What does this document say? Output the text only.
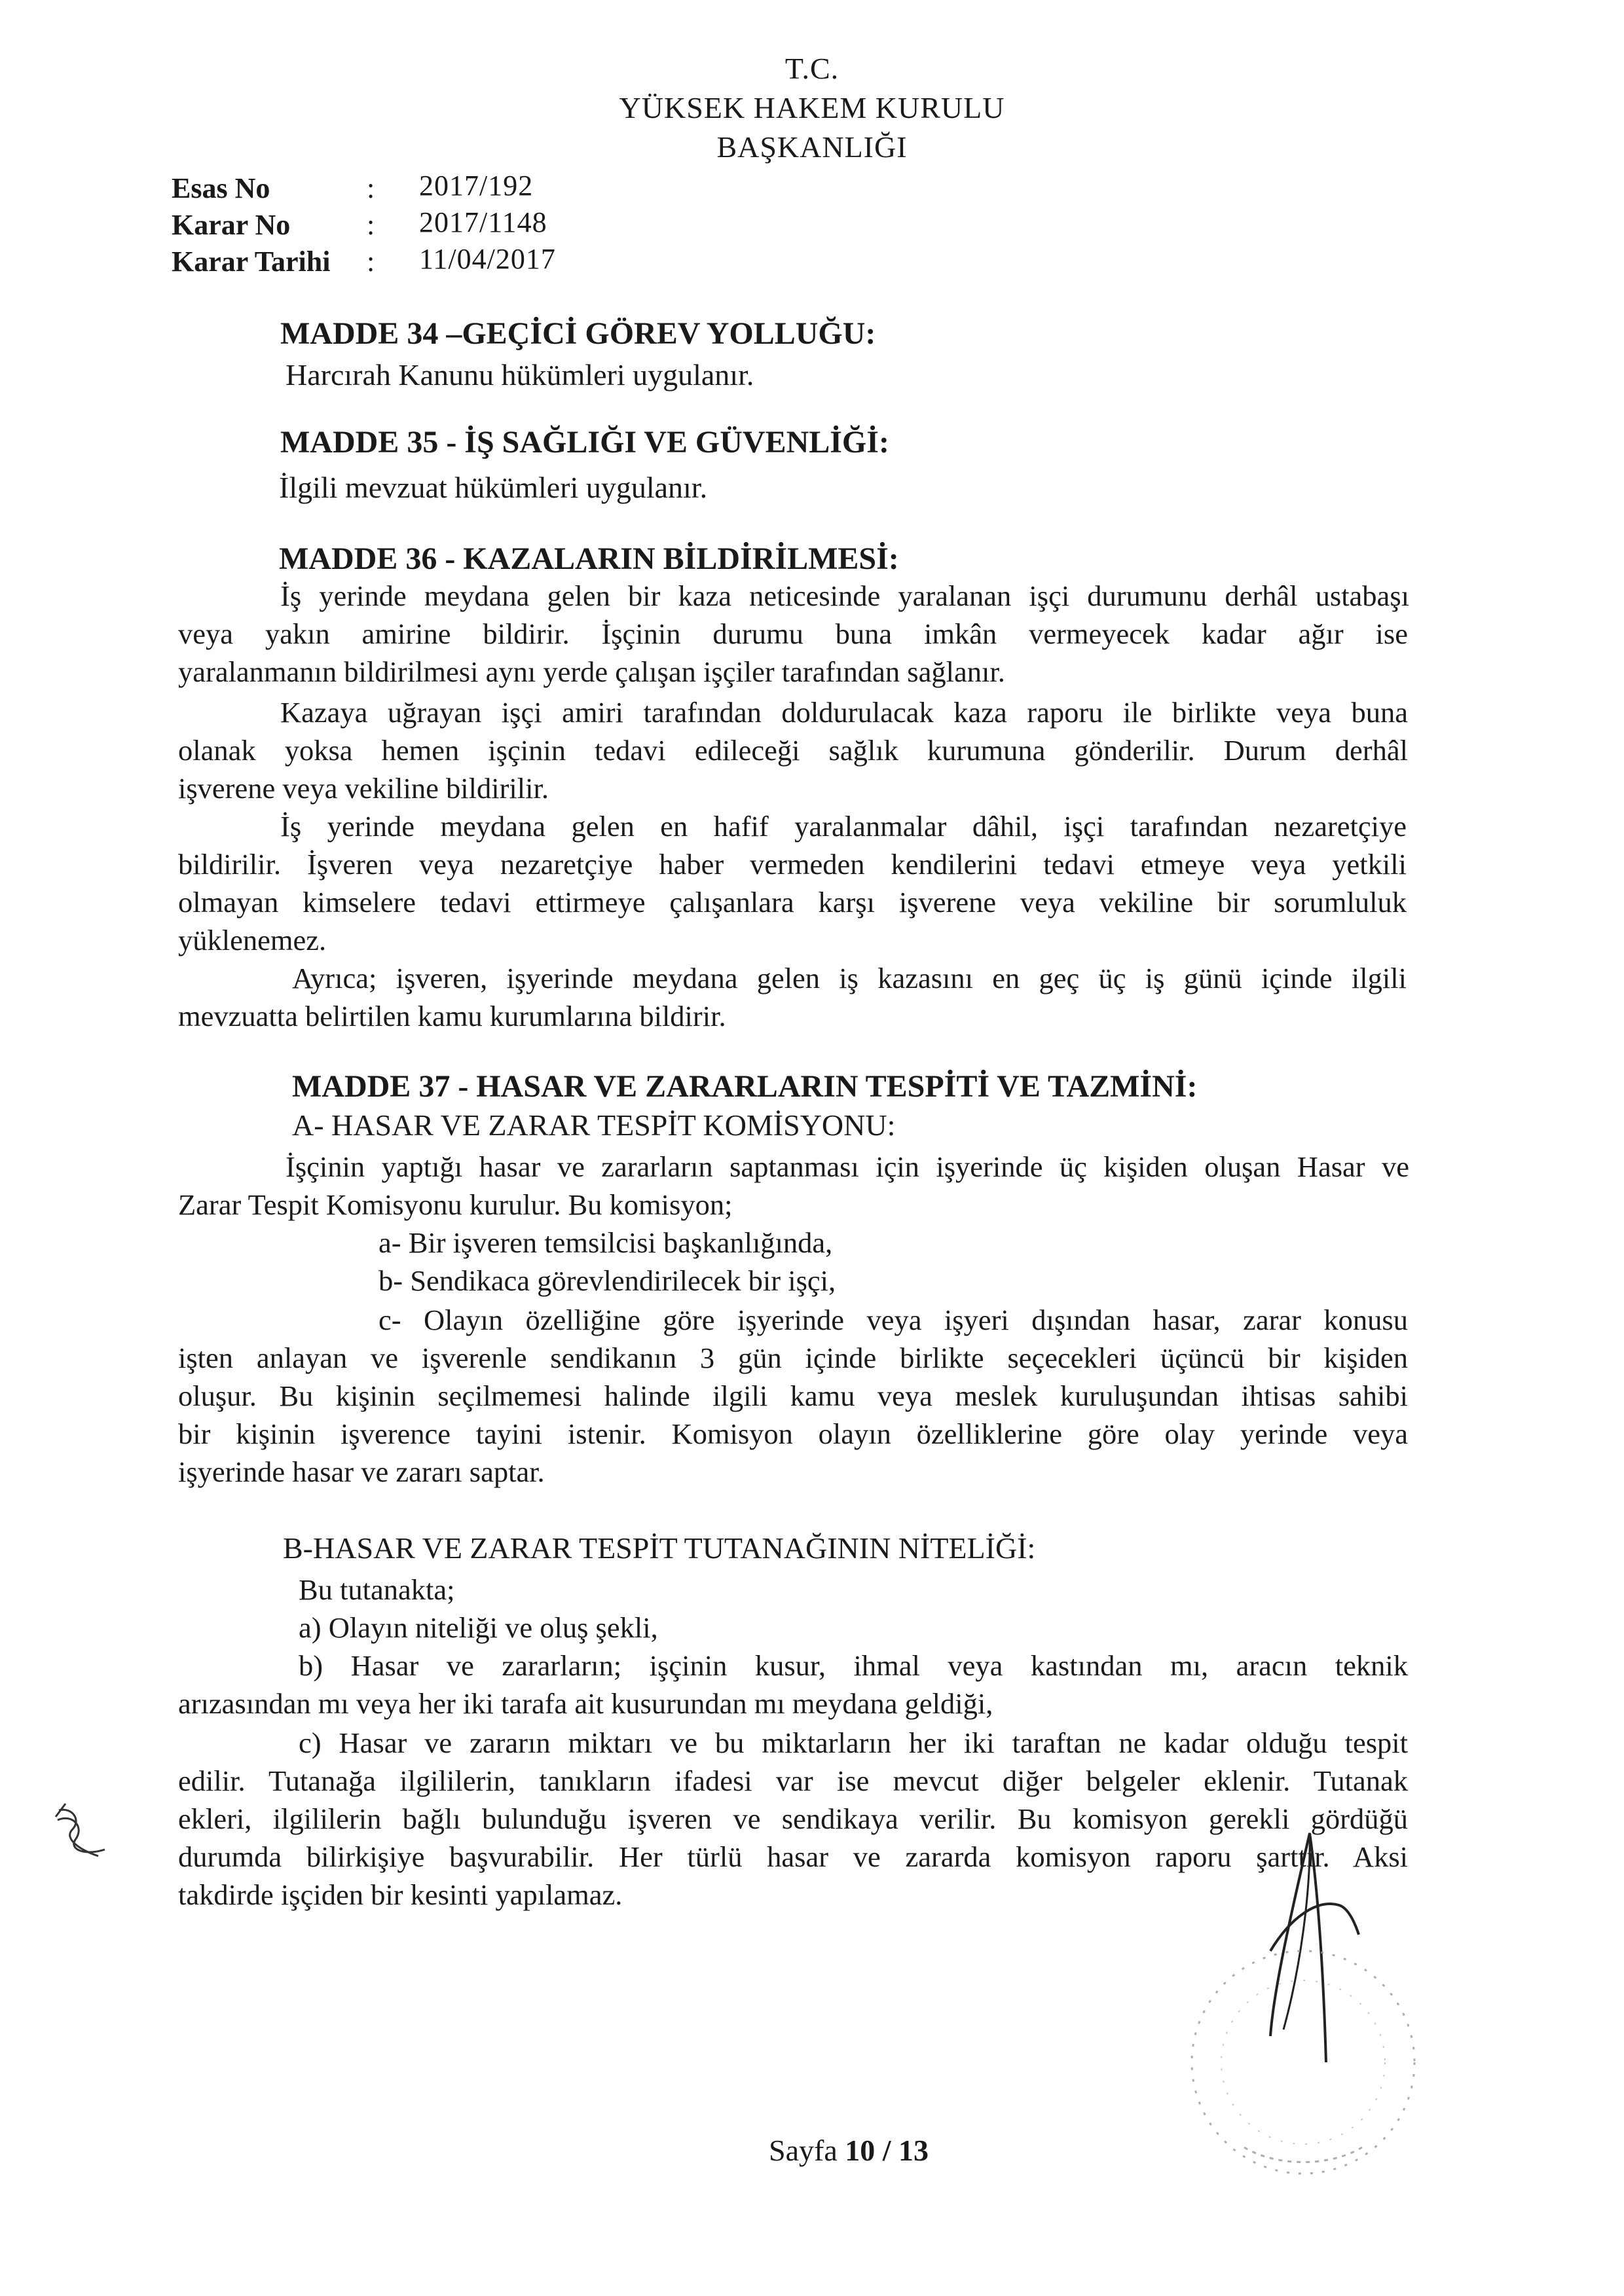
T.C.
YÜKSEK HAKEM KURULU
BAŞKANLIĞI
Esas No	: 2017/192
Karar No	: 2017/1148
Karar Tarihi : 11/04/2017
MADDE 34 –GEÇİCİ GÖREV YOLLUĞU:
Harcırah Kanunu hükümleri uygulanır.
MADDE 35 - İŞ SAĞLIĞI VE GÜVENLİĞİ:
İlgili mevzuat hükümleri uygulanır.
MADDE 36 - KAZALARIN BİLDİRİLMESİ:
İş yerinde meydana gelen bir kaza neticesinde yaralanan işçi durumunu derhâl ustabaşı
veya yakın amirine bildirir. İşçinin durumu buna imkân vermeyecek kadar ağır ise
yaralanmanın bildirilmesi aynı yerde çalışan işçiler tarafından sağlanır.
Kazaya uğrayan işçi amiri tarafından doldurulacak kaza raporu ile birlikte veya buna
olanak yoksa hemen işçinin tedavi edileceği sağlık kurumuna gönderilir. Durum derhâl
işverene veya vekiline bildirilir.
İş yerinde meydana gelen en hafif yaralanmalar dâhil, işçi tarafından nezaretçiye
bildirilir. İşveren veya nezaretçiye haber vermeden kendilerini tedavi etmeye veya yetkili
olmayan kimselere tedavi ettirmeye çalışanlara karşı işverene veya vekiline bir sorumluluk
yüklenemez.
Ayrıca; işveren, işyerinde meydana gelen iş kazasını en geç üç iş günü içinde ilgili
mevzuatta belirtilen kamu kurumlarına bildirir.
MADDE 37 - HASAR VE ZARARLARIN TESPİTİ VE TAZMİNİ:
A- HASAR VE ZARAR TESPİT KOMİSYONU:
İşçinin yaptığı hasar ve zararların saptanması için işyerinde üç kişiden oluşan Hasar ve
Zarar Tespit Komisyonu kurulur. Bu komisyon;
a- Bir işveren temsilcisi başkanlığında,
b- Sendikaca görevlendirilecek bir işçi,
c- Olayın özelliğine göre işyerinde veya işyeri dışından hasar, zarar konusu
işten anlayan ve işverenle sendikanın 3 gün içinde birlikte seçecekleri üçüncü bir kişiden
oluşur. Bu kişinin seçilmemesi halinde ilgili kamu veya meslek kuruluşundan ihtisas sahibi
bir kişinin işverence tayini istenir. Komisyon olayın özelliklerine göre olay yerinde veya
işyerinde hasar ve zararı saptar.
B-HASAR VE ZARAR TESPİT TUTANAĞININ NİTELİĞİ:
Bu tutanakta;
a) Olayın niteliği ve oluş şekli,
b) Hasar ve zararların; işçinin kusur, ihmal veya kastından mı, aracın teknik
arızasından mı veya her iki tarafa ait kusurundan mı meydana geldiği,
c) Hasar ve zararın miktarı ve bu miktarların her iki taraftan ne kadar olduğu tespit
edilir. Tutanağa ilgililerin, tanıkların ifadesi var ise mevcut diğer belgeler eklenir. Tutanak
ekleri, ilgililerin bağlı bulunduğu işveren ve sendikaya verilir. Bu komisyon gerekli gördüğü
durumda bilirkişiye başvurabilir. Her türlü hasar ve zararda komisyon raporu şarttır. Aksi
takdirde işçiden bir kesinti yapılamaz.
Sayfa 10 / 13
